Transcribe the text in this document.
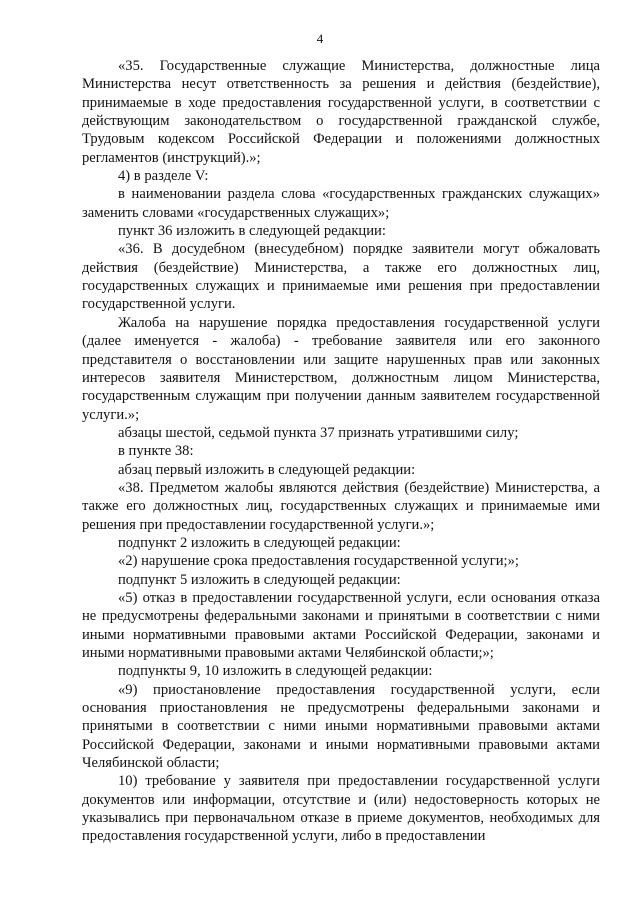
4

«35. Государственные служащие Министерства, должностные лица Министерства несут ответственность за решения и действия (бездействие), принимаемые в ходе предоставления государственной услуги, в соответствии с действующим законодательством о государственной гражданской службе, Трудовым кодексом Российской Федерации и положениями должностных регламентов (инструкций).»;

4) в разделе V:

в наименовании раздела слова «государственных гражданских служащих» заменить словами «государственных служащих»;

пункт 36 изложить в следующей редакции:

«36. В досудебном (внесудебном) порядке заявители могут обжаловать действия (бездействие) Министерства, а также его должностных лиц, государственных служащих и принимаемые ими решения при предоставлении государственной услуги.

Жалоба на нарушение порядка предоставления государственной услуги (далее именуется - жалоба) - требование заявителя или его законного представителя о восстановлении или защите нарушенных прав или законных интересов заявителя Министерством, должностным лицом Министерства, государственным служащим при получении данным заявителем государственной услуги.»;

абзацы шестой, седьмой пункта 37 признать утратившими силу;

в пункте 38:

абзац первый изложить в следующей редакции:

«38. Предметом жалобы являются действия (бездействие) Министерства, а также его должностных лиц, государственных служащих и принимаемые ими решения при предоставлении государственной услуги.»;

подпункт 2 изложить в следующей редакции:

«2) нарушение срока предоставления государственной услуги;»;

подпункт 5 изложить в следующей редакции:

«5) отказ в предоставлении государственной услуги, если основания отказа не предусмотрены федеральными законами и принятыми в соответствии с ними иными нормативными правовыми актами Российской Федерации, законами и иными нормативными правовыми актами Челябинской области;»;

подпункты 9, 10 изложить в следующей редакции:

«9) приостановление предоставления государственной услуги, если основания приостановления не предусмотрены федеральными законами и принятыми в соответствии с ними иными нормативными правовыми актами Российской Федерации, законами и иными нормативными правовыми актами Челябинской области;

10) требование у заявителя при предоставлении государственной услуги документов или информации, отсутствие и (или) недостоверность которых не указывались при первоначальном отказе в приеме документов, необходимых для предоставления государственной услуги, либо в предоставлении
